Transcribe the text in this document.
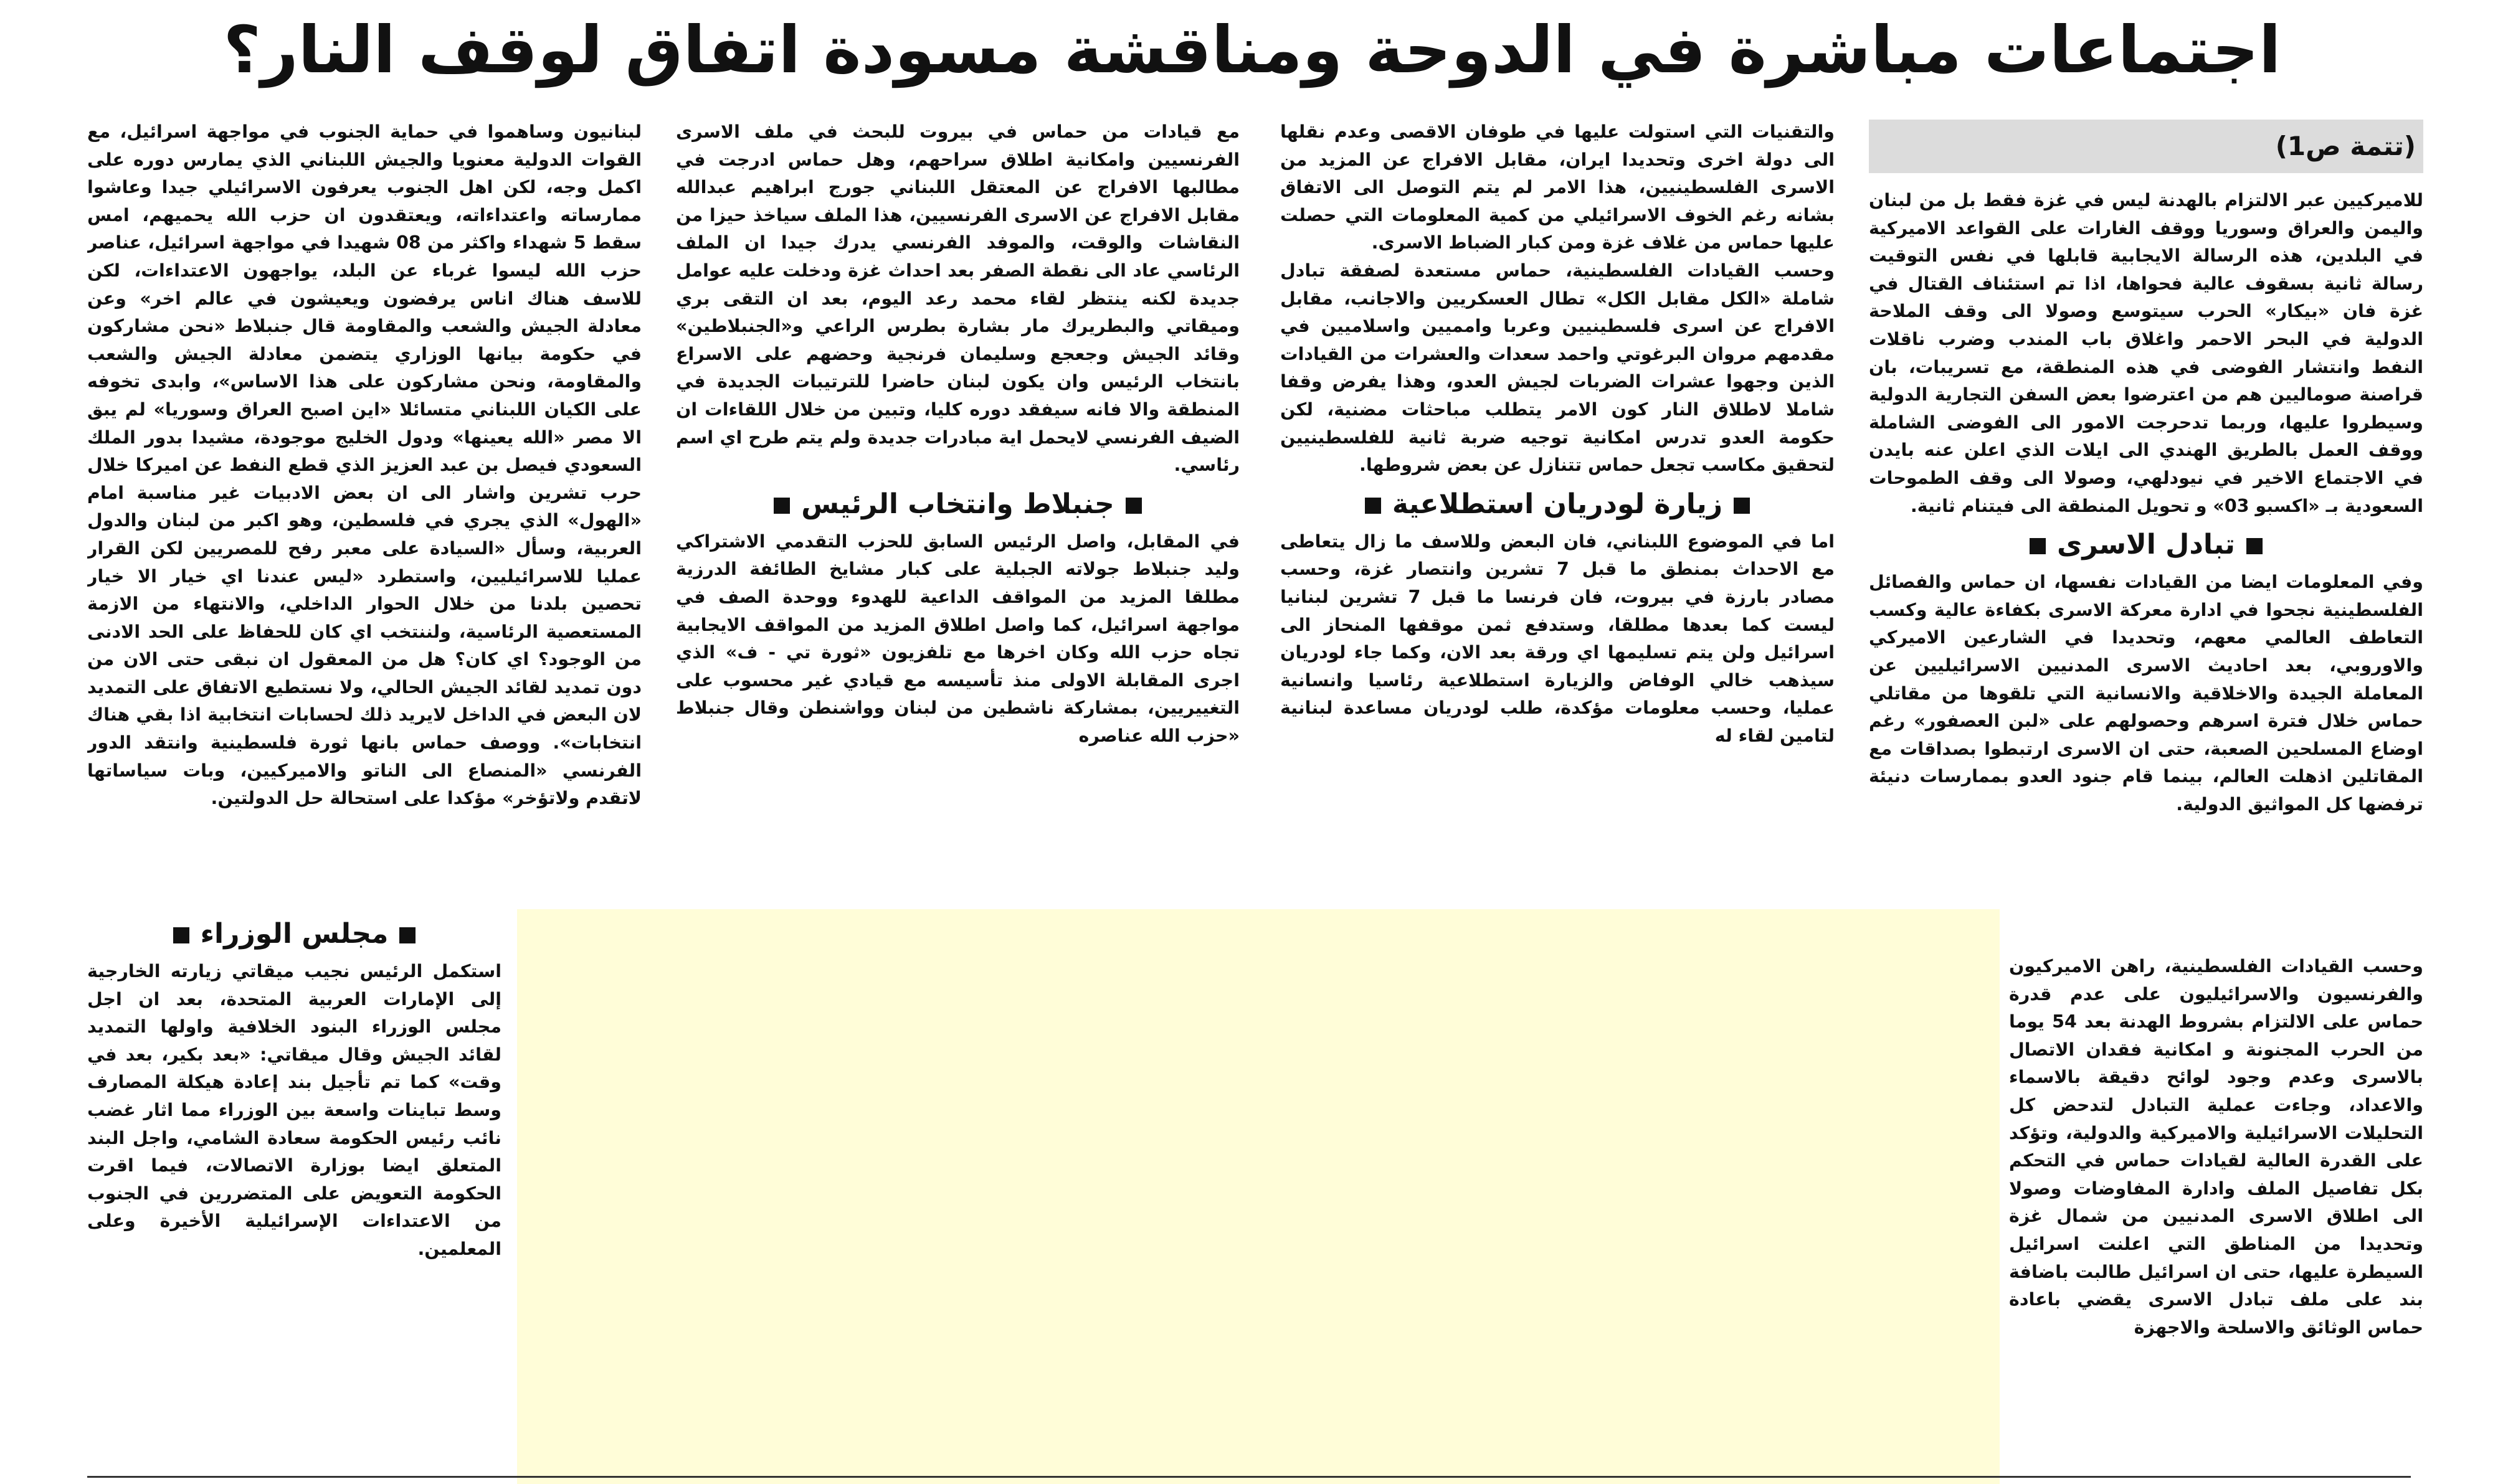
اجتماعات مباشرة في الدوحة ومناقشة مسودة اتفاق لوقف النار؟
(تتمة ص1)

للاميركيين عبر الالتزام بالهدنة ليس في غزة فقط بل من لبنان واليمن والعراق وسوريا ووقف الغارات على القواعد الاميركية في البلدين، هذه الرسالة الايجابية قابلها في نفس التوقيت رسالة ثانية بسقوف عالية فحواها، اذا تم استئناف القتال في غزة فان «بيكار» الحرب سيتوسع وصولا الى وقف الملاحة الدولية في البحر الاحمر واغلاق باب المندب وضرب ناقلات النفط وانتشار الفوضى في هذه المنطقة، مع تسريبات، بان قراصنة صوماليين هم من اعترضوا بعض السفن التجارية الدولية وسيطروا عليها، وربما تدحرجت الامور الى الفوضى الشاملة ووقف العمل بالطريق الهندي الى ايلات الذي اعلن عنه بايدن في الاجتماع الاخير في نيودلهي، وصولا الى وقف الطموحات السعودية بـ «اكسبو 03» و تحويل المنطقة الى فيتنام ثانية.

تبادل الاسرى

وفي المعلومات ايضا من القيادات نفسها، ان حماس والفصائل الفلسطينية نجحوا في ادارة معركة الاسرى بكفاءة عالية وكسب التعاطف العالمي معهم، وتحديدا في الشارعين الاميركي والاوروبي، بعد احاديث الاسرى المدنيين الاسرائيليين عن المعاملة الجيدة والاخلاقية والانسانية التي تلقوها من مقاتلي حماس خلال فترة اسرهم وحصولهم على «لبن العصفور» رغم اوضاع المسلحين الصعبة، حتى ان الاسرى ارتبطوا بصداقات مع المقاتلين اذهلت العالم، بينما قام جنود العدو بممارسات دنيئة ترفضها كل المواثيق الدولية.

وحسب القيادات الفلسطينية، راهن الاميركيون والفرنسيون والاسرائيليون على عدم قدرة حماس على الالتزام بشروط الهدنة بعد 54 يوما من الحرب المجنونة و امكانية فقدان الاتصال بالاسرى وعدم وجود لوائح دقيقة بالاسماء والاعداد، وجاءت عملية التبادل لتدحض كل التحليلات الاسرائيلية والاميركية والدولية، وتؤكد على القدرة العالية لقيادات حماس في التحكم بكل تفاصيل الملف وادارة المفاوضات وصولا الى اطلاق الاسرى المدنيين من شمال غزة وتحديدا من المناطق التي اعلنت اسرائيل السيطرة عليها، حتى ان اسرائيل طالبت باضافة بند على ملف تبادل الاسرى يقضي باعادة حماس الوثائق والاسلحة والاجهزة

والتقنيات التي استولت عليها في طوفان الاقصى وعدم نقلها الى دولة اخرى وتحديدا ايران، مقابل الافراج عن المزيد من الاسرى الفلسطينيين، هذا الامر لم يتم التوصل الى الاتفاق بشانه رغم الخوف الاسرائيلي من كمية المعلومات التي حصلت عليها حماس من غلاف غزة ومن كبار الضباط الاسرى.

وحسب القيادات الفلسطينية، حماس مستعدة لصفقة تبادل شاملة «الكل مقابل الكل» تطال العسكريين والاجانب، مقابل الافراج عن اسرى فلسطينيين وعربا وامميين واسلاميين في مقدمهم مروان البرغوتي واحمد سعدات والعشرات من القيادات الذين وجهوا عشرات الضربات لجيش العدو، وهذا يفرض وقفا شاملا لاطلاق النار كون الامر يتطلب مباحثات مضنية، لكن حكومة العدو تدرس امكانية توجيه ضربة ثانية للفلسطينيين لتحقيق مكاسب تجعل حماس تتنازل عن بعض شروطها.

زيارة لودريان استطلاعية

اما في الموضوع اللبناني، فان البعض وللاسف ما زال يتعاطى مع الاحداث بمنطق ما قبل 7 تشرين وانتصار غزة، وحسب مصادر بارزة في بيروت، فان فرنسا ما قبل 7 تشرين لبنانيا ليست كما بعدها مطلقا، وستدفع ثمن موقفها المنحاز الى اسرائيل ولن يتم تسليمها اي ورقة بعد الان، وكما جاء لودريان سيذهب خالي الوفاض والزيارة استطلاعية رئاسيا وانسانية عمليا، وحسب معلومات مؤكدة، طلب لودريان مساعدة لبنانية لتامين لقاء له

مع قيادات من حماس في بيروت للبحث في ملف الاسرى الفرنسيين وامكانية اطلاق سراحهم، وهل حماس ادرجت في مطالبها الافراج عن المعتقل اللبناني جورج ابراهيم عبدالله مقابل الافراج عن الاسرى الفرنسيين، هذا الملف سياخذ حيزا من النقاشات والوقت، والموفد الفرنسي يدرك جيدا ان الملف الرئاسي عاد الى نقطة الصفر بعد احداث غزة ودخلت عليه عوامل جديدة لكنه ينتظر لقاء محمد رعد اليوم، بعد ان التقى بري وميقاتي والبطريرك مار بشارة بطرس الراعي و«الجنبلاطين» وقائد الجيش وجعجع وسليمان فرنجية وحضهم على الاسراع بانتخاب الرئيس وان يكون لبنان حاضرا للترتيبات الجديدة في المنطقة والا فانه سيفقد دوره كليا، وتبين من خلال اللقاءات ان الضيف الفرنسي لايحمل اية مبادرات جديدة ولم يتم طرح اي اسم رئاسي.

جنبلاط وانتخاب الرئيس

في المقابل، واصل الرئيس السابق للحزب التقدمي الاشتراكي وليد جنبلاط جولاته الجبلية على كبار مشايخ الطائفة الدرزية مطلقا المزيد من المواقف الداعية للهدوء ووحدة الصف في مواجهة اسرائيل، كما واصل اطلاق المزيد من المواقف الايجابية تجاه حزب الله وكان اخرها مع تلفزيون «ثورة تي - ف» الذي اجرى المقابلة الاولى منذ تأسيسه مع قيادي غير محسوب على التغييريين، بمشاركة ناشطين من لبنان وواشنطن وقال جنبلاط «حزب الله عناصره

لبنانيون وساهموا في حماية الجنوب في مواجهة اسرائيل، مع القوات الدولية معنويا والجيش اللبناني الذي يمارس دوره على اكمل وجه، لكن اهل الجنوب يعرفون الاسرائيلي جيدا وعاشوا ممارساته واعتداءاته، ويعتقدون ان حزب الله يحميهم، امس سقط 5 شهداء واكثر من 08 شهيدا في مواجهة اسرائيل، عناصر حزب الله ليسوا غرباء عن البلد، يواجهون الاعتداءات، لكن للاسف هناك اناس يرفضون ويعيشون في عالم اخر» وعن معادلة الجيش والشعب والمقاومة قال جنبلاط «نحن مشاركون في حكومة بيانها الوزاري يتضمن معادلة الجيش والشعب والمقاومة، ونحن مشاركون على هذا الاساس»، وابدى تخوفه على الكيان اللبناني متسائلا «اين اصبح العراق وسوريا» لم يبق الا مصر «الله يعينها» ودول الخليج موجودة، مشيدا بدور الملك السعودي فيصل بن عبد العزيز الذي قطع النفط عن اميركا خلال حرب تشرين واشار الى ان بعض الادبيات غير مناسبة امام «الهول» الذي يجري في فلسطين، وهو اكبر من لبنان والدول العربية، وسأل «السيادة على معبر رفح للمصريين لكن القرار عمليا للاسرائيليين، واستطرد «ليس عندنا اي خيار الا خيار تحصين بلدنا من خلال الحوار الداخلي، والانتهاء من الازمة المستعصية الرئاسية، ولننتخب اي كان للحفاظ على الحد الادنى من الوجود؟ اي كان؟ هل من المعقول ان نبقى حتى الان من دون تمديد لقائد الجيش الحالي، ولا نستطيع الاتفاق على التمديد لان البعض في الداخل لايريد ذلك لحسابات انتخابية اذا بقي هناك انتخابات». ووصف حماس بانها ثورة فلسطينية وانتقد الدور الفرنسي «المنصاع الى الناتو والاميركيين، وبات سياساتها لاتقدم ولاتؤخر» مؤكدا على استحالة حل الدولتين.

مجلس الوزراء

استكمل الرئيس نجيب ميقاتي زيارته الخارجية إلى الإمارات العربية المتحدة، بعد ان اجل مجلس الوزراء البنود الخلافية واولها التمديد لقائد الجيش وقال ميقاتي: «بعد بكير، بعد في وقت» كما تم تأجيل بند إعادة هيكلة المصارف وسط تباينات واسعة بين الوزراء مما اثار غضب نائب رئيس الحكومة سعادة الشامي، واجل البند المتعلق ايضا بوزارة الاتصالات، فيما اقرت الحكومة التعويض على المتضررين في الجنوب من الاعتداءات الإسرائيلية الأخيرة وعلى المعلمين.
